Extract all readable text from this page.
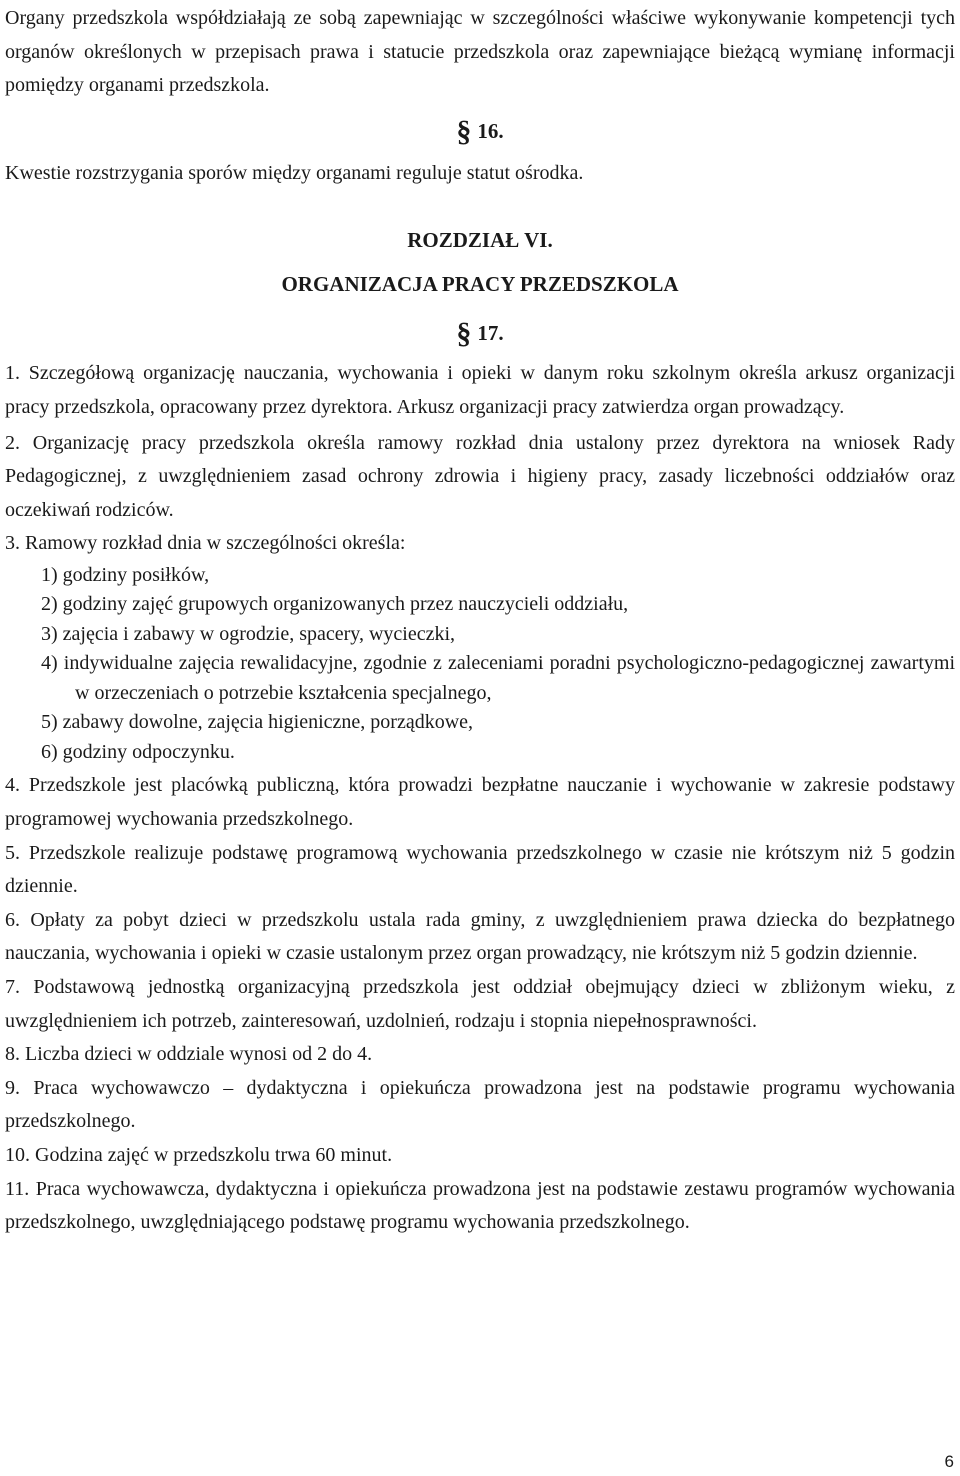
Organy przedszkola współdziałają ze sobą zapewniając w szczególności właściwe wykonywanie kompetencji tych organów określonych w przepisach prawa i statucie przedszkola oraz zapewniające bieżącą wymianę informacji pomiędzy organami przedszkola.

§ 16.

Kwestie rozstrzygania sporów między organami reguluje statut ośrodka.

ROZDZIAŁ VI.

ORGANIZACJA PRACY PRZEDSZKOLA

§ 17.

1. Szczegółową organizację nauczania, wychowania i opieki w danym roku szkolnym określa arkusz organizacji pracy przedszkola, opracowany przez dyrektora. Arkusz organizacji pracy zatwierdza organ prowadzący.

2. Organizację pracy przedszkola określa ramowy rozkład dnia ustalony przez dyrektora na wniosek Rady Pedagogicznej, z uwzględnieniem zasad ochrony zdrowia i higieny pracy, zasady liczebności oddziałów oraz oczekiwań rodziców.

3. Ramowy rozkład dnia w szczególności określa:

1) godziny posiłków,
2) godziny zajęć grupowych organizowanych przez nauczycieli oddziału,
3) zajęcia i zabawy w ogrodzie, spacery, wycieczki,
4) indywidualne zajęcia rewalidacyjne, zgodnie z zaleceniami poradni psychologiczno-pedagogicznej zawartymi w orzeczeniach o potrzebie kształcenia specjalnego,
5) zabawy dowolne, zajęcia higieniczne, porządkowe,
6) godziny odpoczynku.

4. Przedszkole jest placówką publiczną, która prowadzi bezpłatne nauczanie i wychowanie w zakresie podstawy programowej wychowania przedszkolnego.

5. Przedszkole realizuje podstawę programową wychowania przedszkolnego w czasie nie krótszym niż 5 godzin dziennie.

6. Opłaty za pobyt dzieci w przedszkolu ustala rada gminy, z uwzględnieniem prawa dziecka do bezpłatnego nauczania, wychowania i opieki w czasie ustalonym przez organ prowadzący, nie krótszym niż 5 godzin dziennie.

7. Podstawową jednostką organizacyjną przedszkola jest oddział obejmujący dzieci w zbliżonym wieku, z uwzględnieniem ich potrzeb, zainteresowań, uzdolnień, rodzaju i stopnia niepełnosprawności.

8. Liczba dzieci w oddziale wynosi od 2 do 4.

9. Praca wychowawczo – dydaktyczna i opiekuńcza prowadzona jest na podstawie programu wychowania przedszkolnego.

10. Godzina zajęć w przedszkolu trwa 60 minut.

11. Praca wychowawcza, dydaktyczna i opiekuńcza prowadzona jest na podstawie zestawu programów wychowania przedszkolnego, uwzględniającego podstawę programu wychowania przedszkolnego.

6
